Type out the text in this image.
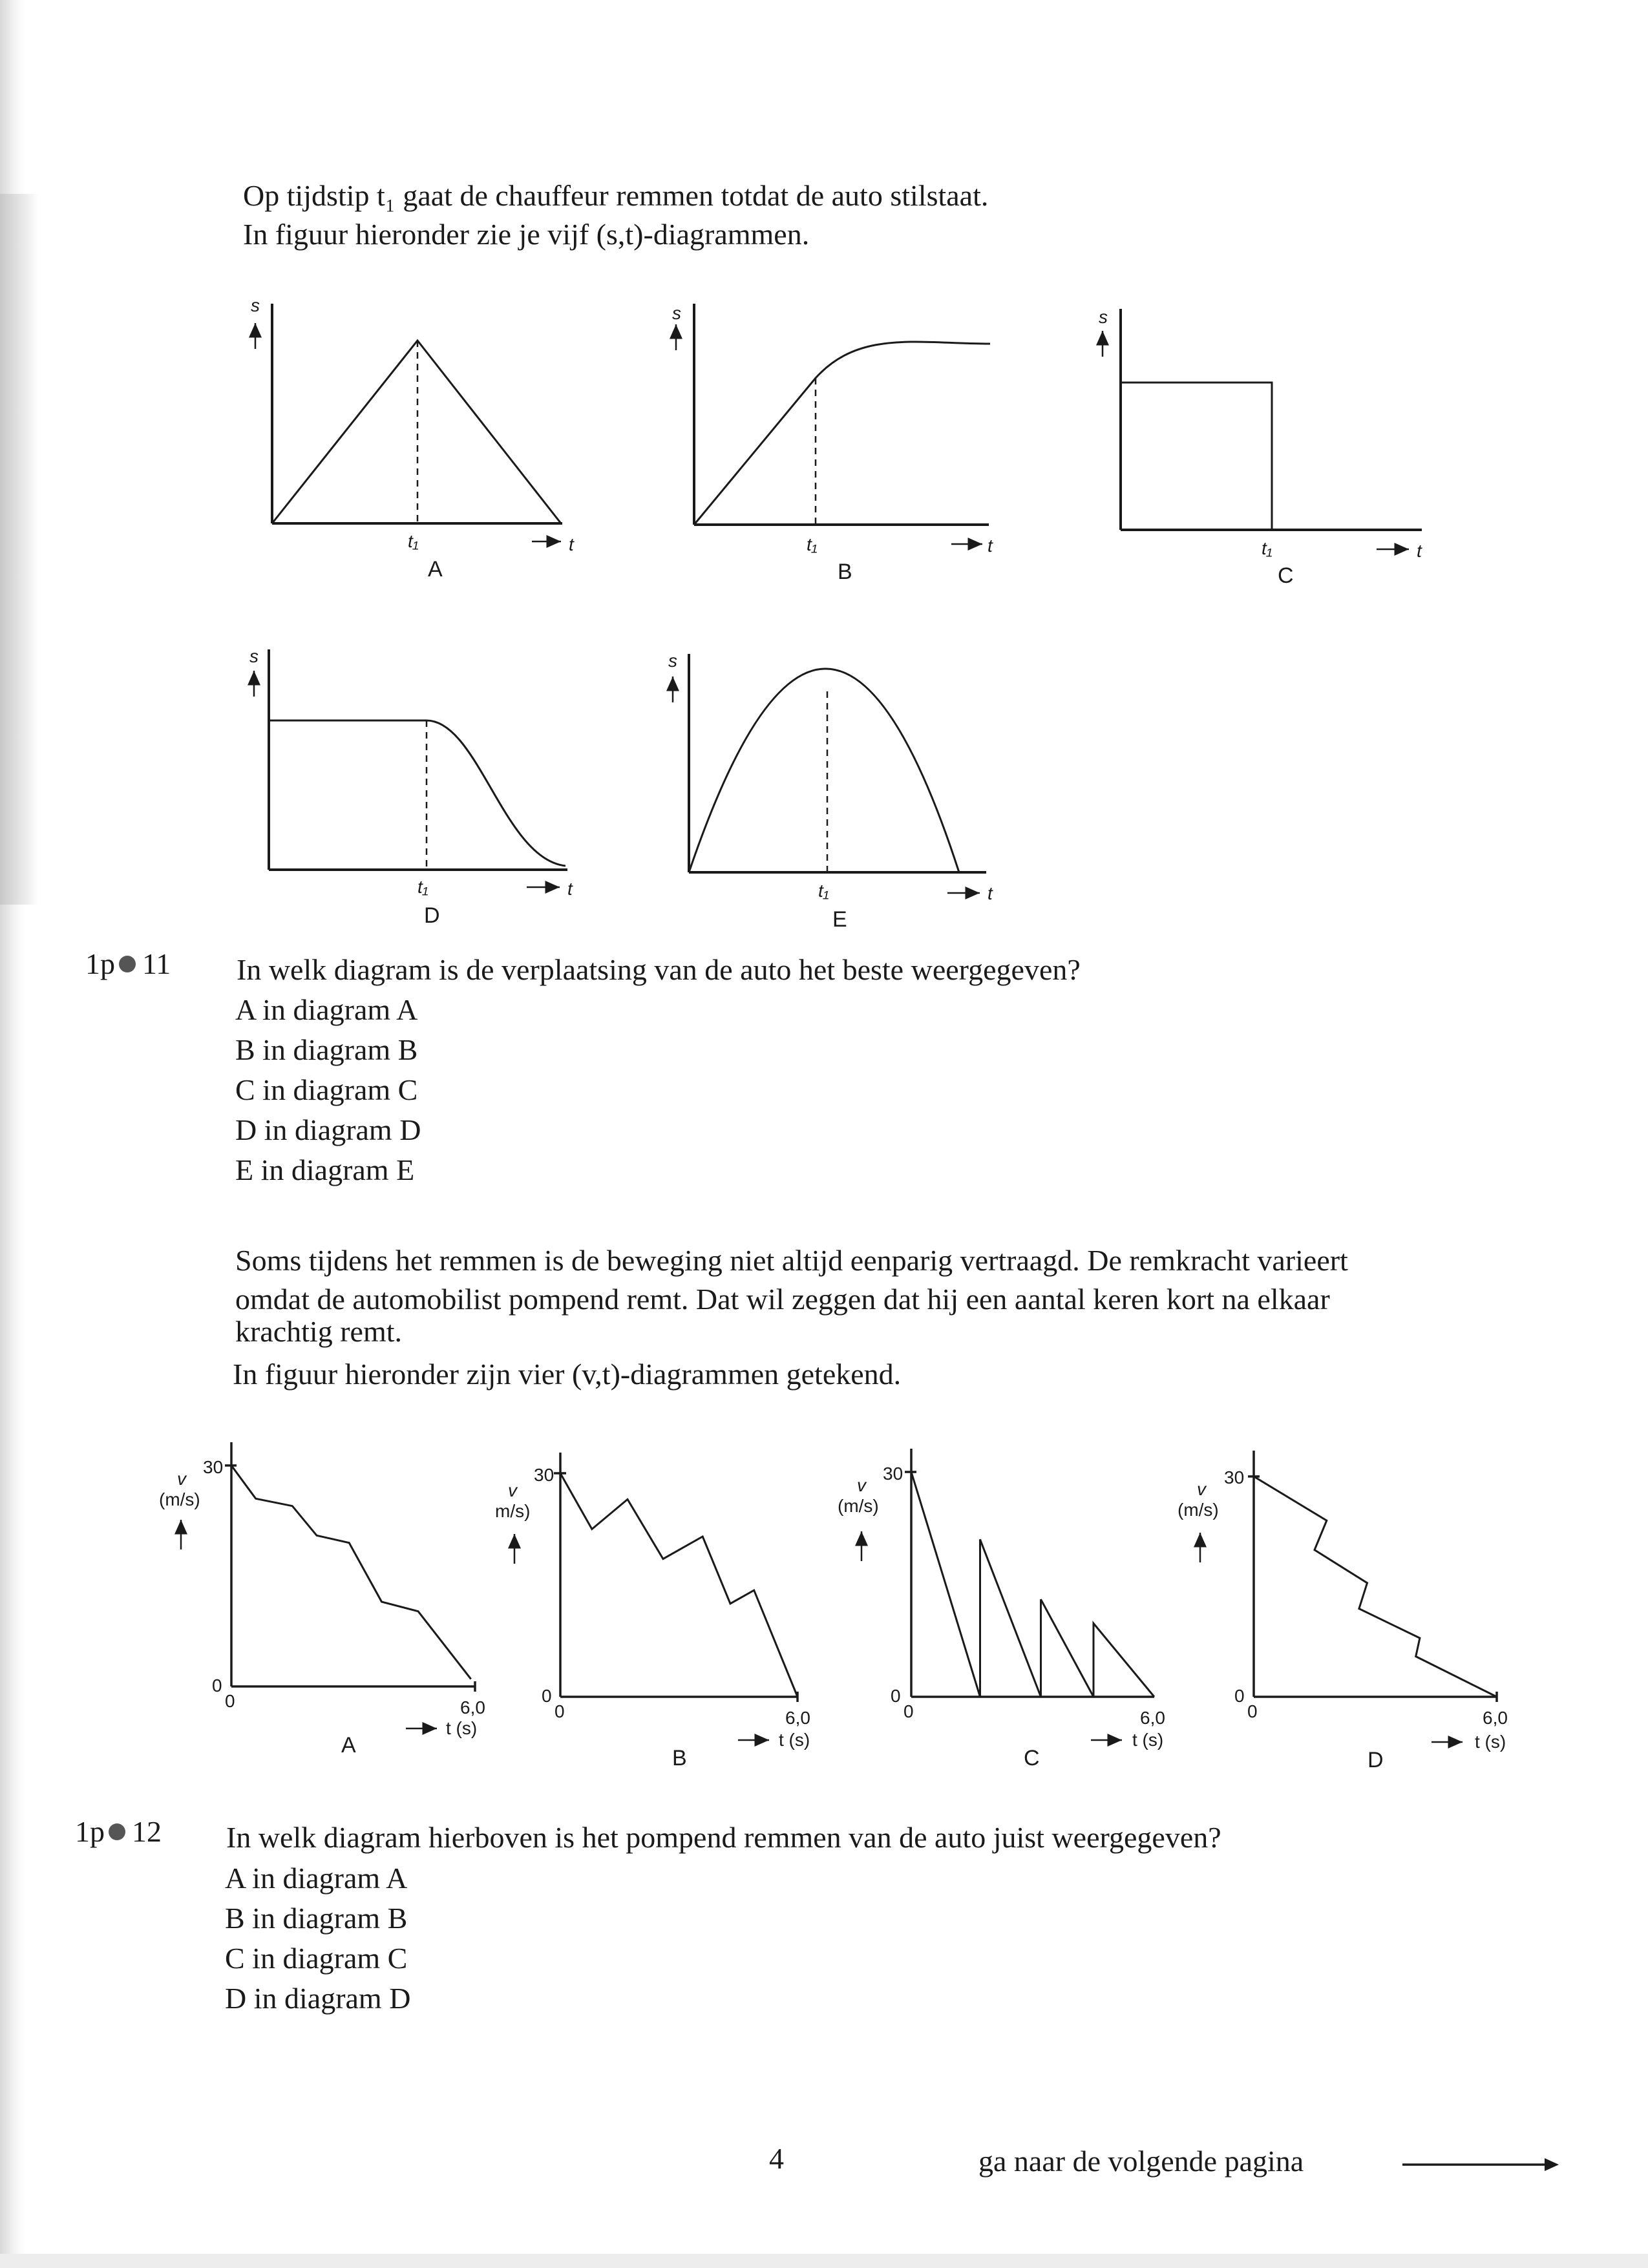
Op tijdstip t₁ gaat de chauffeur remmen totdat de auto stilstaat.
In figuur hieronder zie je vijf (s,t)-diagrammen.
s
t₁	t
A
s
t₁	t
B
s
t₁	t
C
s
t₁	t
D
s
t₁	t
E
1p 11 In welk diagram is de verplaatsing van de auto het beste weergegeven?
A in diagram A
B in diagram B
C in diagram C
D in diagram D
E in diagram E
Soms tijdens het remmen is de beweging niet altijd eenparig vertraagd. De remkracht varieert
omdat de automobilist pompend remt. Dat wil zeggen dat hij een aantal keren kort na elkaar
krachtig remt.
In figuur hieronder zijn vier (v,t)-diagrammen getekend.
30
v
(m/s)
0
0	6,0
t (s)
A
30
v
m/s)
0
0	6,0
t (s)
B
30
v
(m/s)
0
0	6,0
t (s)
C
30
v
(m/s)
0
0	6,0
t (s)
D
1p 12 In welk diagram hierboven is het pompend remmen van de auto juist weergegeven?
A in diagram A
B in diagram B
C in diagram C
D in diagram D
4	ga naar de volgende pagina
